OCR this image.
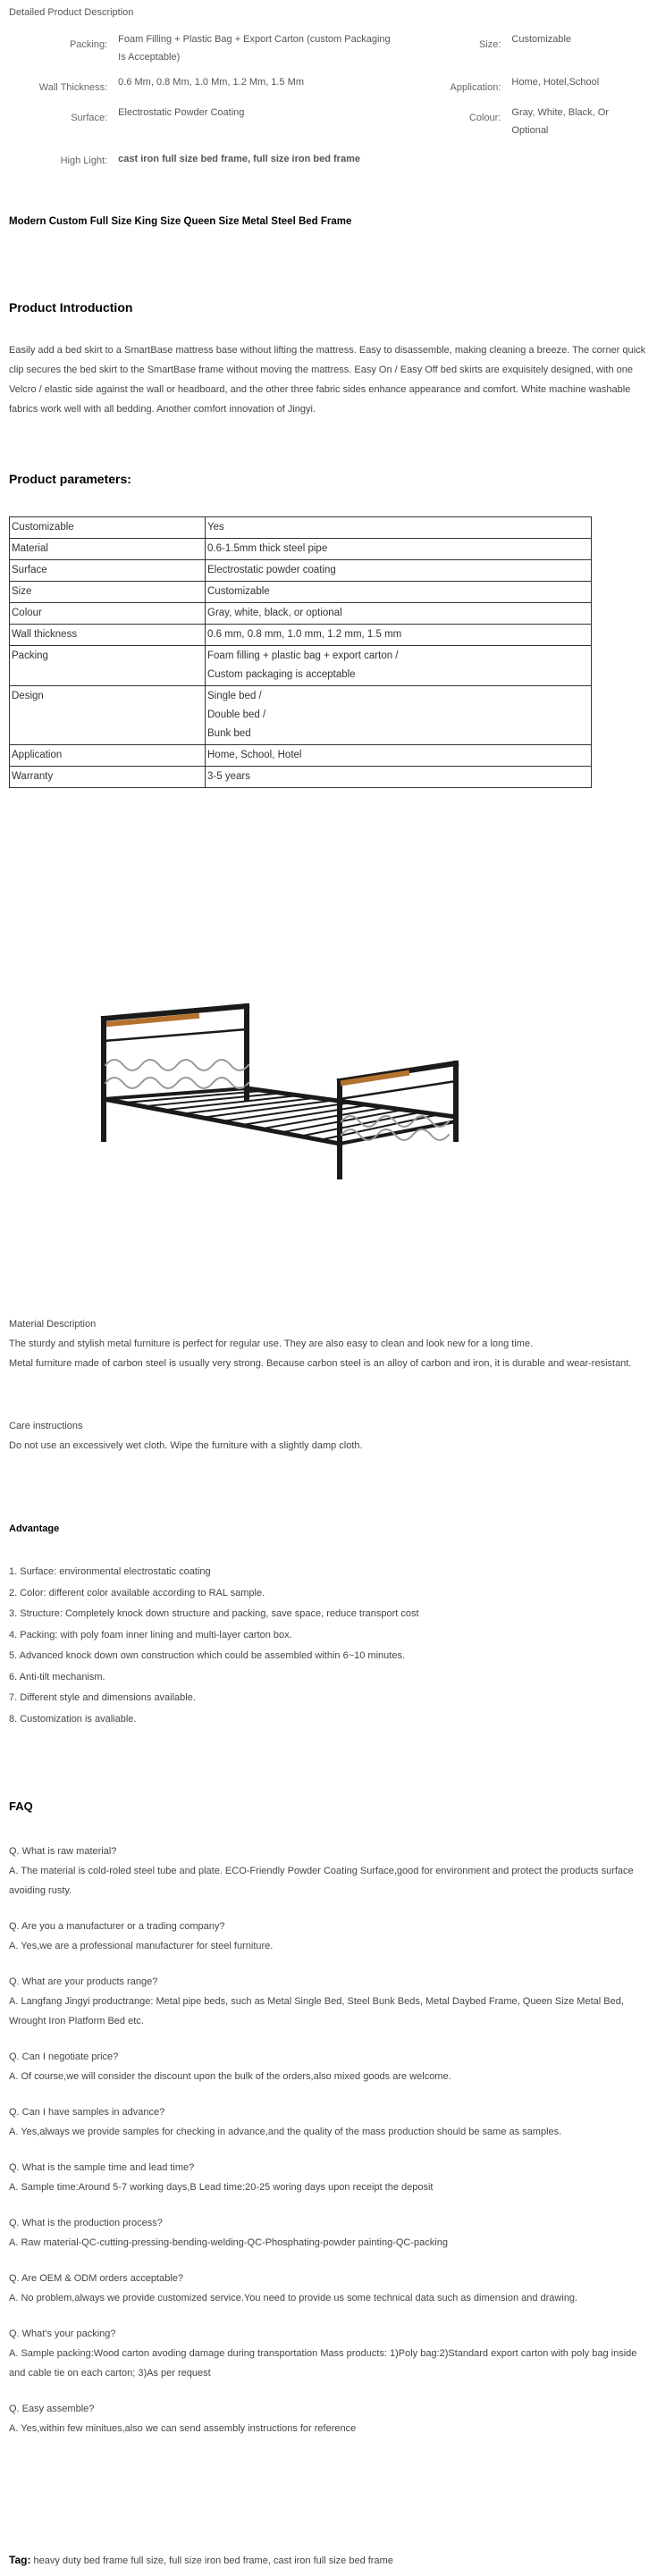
Detailed Product Description
Packing:	Foam Filling + Plastic Bag + Export Carton (custom Packaging Is Acceptable)	Size:	Customizable
Wall Thickness:	0.6 Mm, 0.8 Mm, 1.0 Mm, 1.2 Mm, 1.5 Mm	Application:	Home, Hotel,School
Surface:	Electrostatic Powder Coating	Colour:	Gray, White, Black, Or Optional
High Light:	cast iron full size bed frame, full size iron bed frame		
Modern Custom Full Size King Size Queen Size Metal Steel Bed Frame
Product Introduction

Easily add a bed skirt to a SmartBase mattress base without lifting the mattress. Easy to disassemble, making cleaning a breeze. The corner quick clip secures the bed skirt to the SmartBase frame without moving the mattress. Easy On / Easy Off bed skirts are exquisitely designed, with one Velcro / elastic side against the wall or headboard, and the other three fabric sides enhance appearance and comfort. White machine washable fabrics work well with all bedding. Another comfort innovation of Jingyi.

Product parameters:
Customizable	Yes

Material	0.6-1.5mm thick steel pipe

Surface	Electrostatic powder coating

Size	Customizable

Colour	Gray, white, black, or optional

Wall thickness	0.6 mm, 0.8 mm, 1.0 mm, 1.2 mm, 1.5 mm

Packing	Foam filling + plastic bag + export carton /
Custom packaging is acceptable

Design	Single bed /
Double bed /
Bunk bed

Application	Home, School, Hotel

Warranty	3-5 years

Material Description

The sturdy and stylish metal furniture is perfect for regular use. They are also easy to clean and look new for a long time.

Metal furniture made of carbon steel is usually very strong. Because carbon steel is an alloy of carbon and iron, it is durable and wear-resistant.

Care instructions

Do not use an excessively wet cloth. Wipe the furniture with a slightly damp cloth.

Advantage

1. Surface: environmental electrostatic coating

2. Color: different color available according to RAL sample.

3. Structure: Completely knock down structure and packing, save space, reduce transport cost

4. Packing: with poly foam inner lining and multi-layer carton box.

5. Advanced knock down own construction which could be assembled within 6~10 minutes.

6. Anti-tilt mechanism.

7. Different style and dimensions available.

8. Customization is avaliable.

FAQ

Q. What is raw material?

A. The material is cold-roled steel tube and plate. ECO-Friendly Powder Coating Surface,good for environment and protect the products surface avoiding rusty.

Q. Are you a manufacturer or a trading company?

A. Yes,we are a professional manufacturer for steel furniture.

Q. What are your products range?

A. Langfang Jingyi productrange: Metal pipe beds, such as Metal Single Bed, Steel Bunk Beds, Metal Daybed Frame, Queen Size Metal Bed, Wrought Iron Platform Bed etc.

Q. Can I negotiate price?

A. Of course,we will consider the discount upon the bulk of the orders,also mixed goods are welcome.

Q. Can I have samples in advance?

A. Yes,always we provide samples for checking in advance,and the quality of the mass production should be same as samples.

Q. What is the sample time and lead time?

A. Sample time:Around 5-7 working days,B Lead time:20-25 woring days upon receipt the deposit

Q. What is the production process?

A. Raw material-QC-cutting-pressing-bending-welding-QC-Phosphating-powder painting-QC-packing

Q. Are OEM & ODM orders acceptable?

A. No problem,always we provide customized service.You need to provide us some technical data such as dimension and drawing.

Q. What's your packing?

A. Sample packing:Wood carton avoding damage during transportation Mass products: 1)Poly bag:2)Standard export carton with poly bag inside and cable tie on each carton; 3)As per request

Q. Easy assemble?

A. Yes,within few minitues,also we can send assembly instructions for reference

Tag: heavy duty bed frame full size, full size iron bed frame, cast iron full size bed frame
